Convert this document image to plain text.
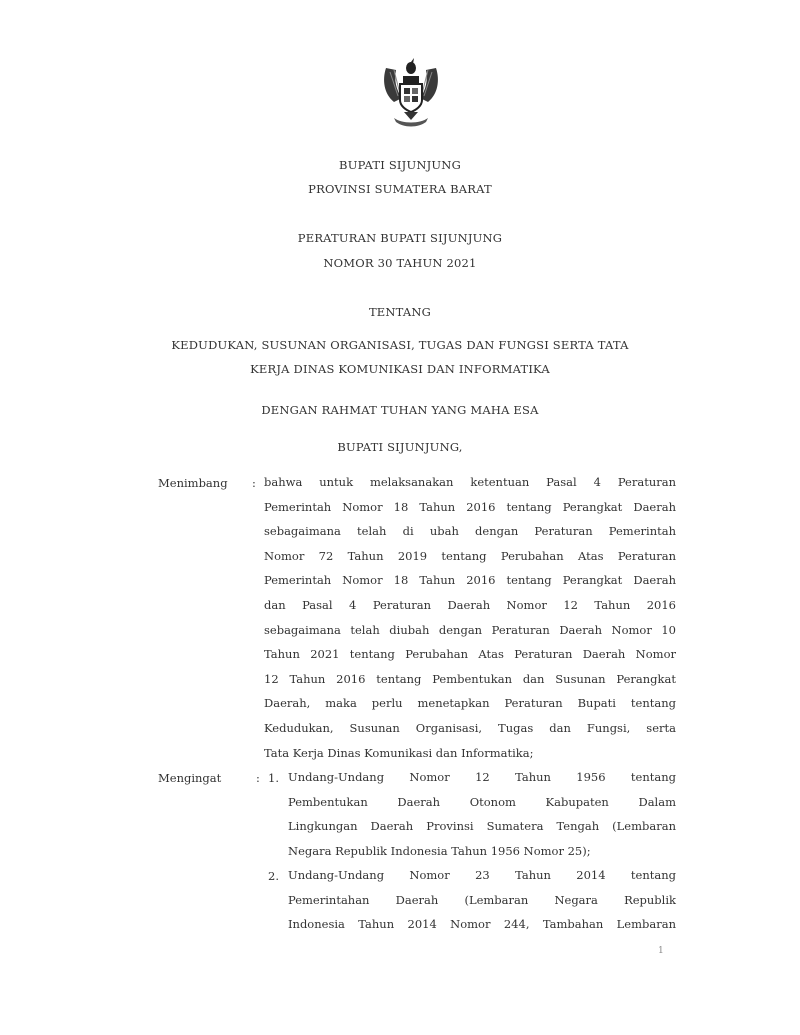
BUPATI SIJUNJUNG
PROVINSI SUMATERA BARAT
PERATURAN BUPATI SIJUNJUNG
NOMOR 30 TAHUN 2021
TENTANG
KEDUDUKAN, SUSUNAN ORGANISASI, TUGAS DAN FUNGSI SERTA TATA
KERJA DINAS KOMUNIKASI DAN INFORMATIKA
DENGAN RAHMAT TUHAN YANG MAHA ESA
BUPATI SIJUNJUNG,
Menimbang : bahwa untuk melaksanakan ketentuan Pasal 4 Peraturan
Pemerintah Nomor 18 Tahun 2016 tentang Perangkat Daerah
sebagaimana telah di ubah dengan Peraturan Pemerintah
Nomor 72 Tahun 2019 tentang Perubahan Atas Peraturan
Pemerintah Nomor 18 Tahun 2016 tentang Perangkat Daerah
dan Pasal 4 Peraturan Daerah Nomor 12 Tahun 2016
sebagaimana telah diubah dengan Peraturan Daerah Nomor 10
Tahun 2021 tentang Perubahan Atas Peraturan Daerah Nomor
12 Tahun 2016 tentang Pembentukan dan Susunan Perangkat
Daerah, maka perlu menetapkan Peraturan Bupati tentang
Kedudukan, Susunan Organisasi, Tugas dan Fungsi, serta
Tata Kerja Dinas Komunikasi dan Informatika;
Mengingat	: 1. Undang-Undang Nomor 12 Tahun 1956 tentang
Pembentukan Daerah Otonom Kabupaten Dalam
Lingkungan Daerah Provinsi Sumatera Tengah (Lembaran
Negara Republik Indonesia Tahun 1956 Nomor 25);
2. Undang-Undang Nomor 23 Tahun 2014 tentang
Pemerintahan Daerah (Lembaran Negara Republik
Indonesia Tahun 2014 Nomor 244, Tambahan Lembaran
1
